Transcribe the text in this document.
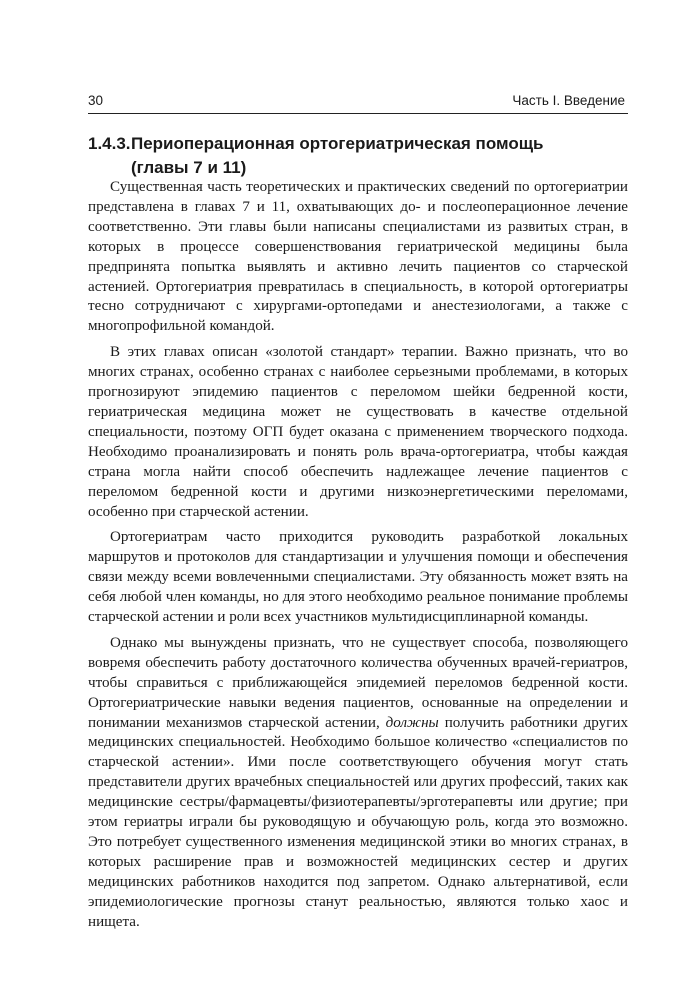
30	Часть I. Введение
1.4.3.Периоперационная ортогериатрическая помощь
(главы 7 и 11)

Существенная часть теоретических и практических сведений по ортогериатрии представлена в главах 7 и 11, охватывающих до- и послеоперационное лечение соответственно. Эти главы были написаны специалистами из развитых стран, в которых в процессе совершенствования гериатрической медицины была предпринята попытка выявлять и активно лечить пациентов со старческой астенией. Ортогериатрия превратилась в специальность, в которой ортогериатры тесно сотрудничают с хирургами-ортопедами и анестезиологами, а также с многопрофильной командой.

В этих главах описан «золотой стандарт» терапии. Важно признать, что во многих странах, особенно странах с наиболее серьезными проблемами, в которых прогнозируют эпидемию пациентов с переломом шейки бедренной кости, гериатрическая медицина может не существовать в качестве отдельной специальности, поэтому ОГП будет оказана с применением творческого подхода. Необходимо проанализировать и понять роль врача-ортогериатра, чтобы каждая страна могла найти способ обеспечить надлежащее лечение пациентов с переломом бедренной кости и другими низкоэнергетическими переломами, особенно при старческой астении.

Ортогериатрам часто приходится руководить разработкой локальных маршрутов и протоколов для стандартизации и улучшения помощи и обеспечения связи между всеми вовлеченными специалистами. Эту обязанность может взять на себя любой член команды, но для этого необходимо реальное понимание проблемы старческой астении и роли всех участников мультидисциплинарной команды.

Однако мы вынуждены признать, что не существует способа, позволяющего вовремя обеспечить работу достаточного количества обученных врачей-гериатров, чтобы справиться с приближающейся эпидемией переломов бедренной кости. Ортогериатрические навыки ведения пациентов, основанные на определении и понимании механизмов старческой астении, должны получить работники других медицинских специальностей. Необходимо большое количество «специалистов по старческой астении». Ими после соответствующего обучения могут стать представители других врачебных специальностей или других профессий, таких как медицинские сестры/фармацевты/физиотерапевты/эрготерапевты или другие; при этом гериатры играли бы руководящую и обучающую роль, когда это возможно. Это потребует существенного изменения медицинской этики во многих странах, в которых расширение прав и возможностей медицинских сестер и других медицинских работников находится под запретом. Однако альтернативой, если эпидемиологические прогнозы станут реальностью, являются только хаос и нищета.
